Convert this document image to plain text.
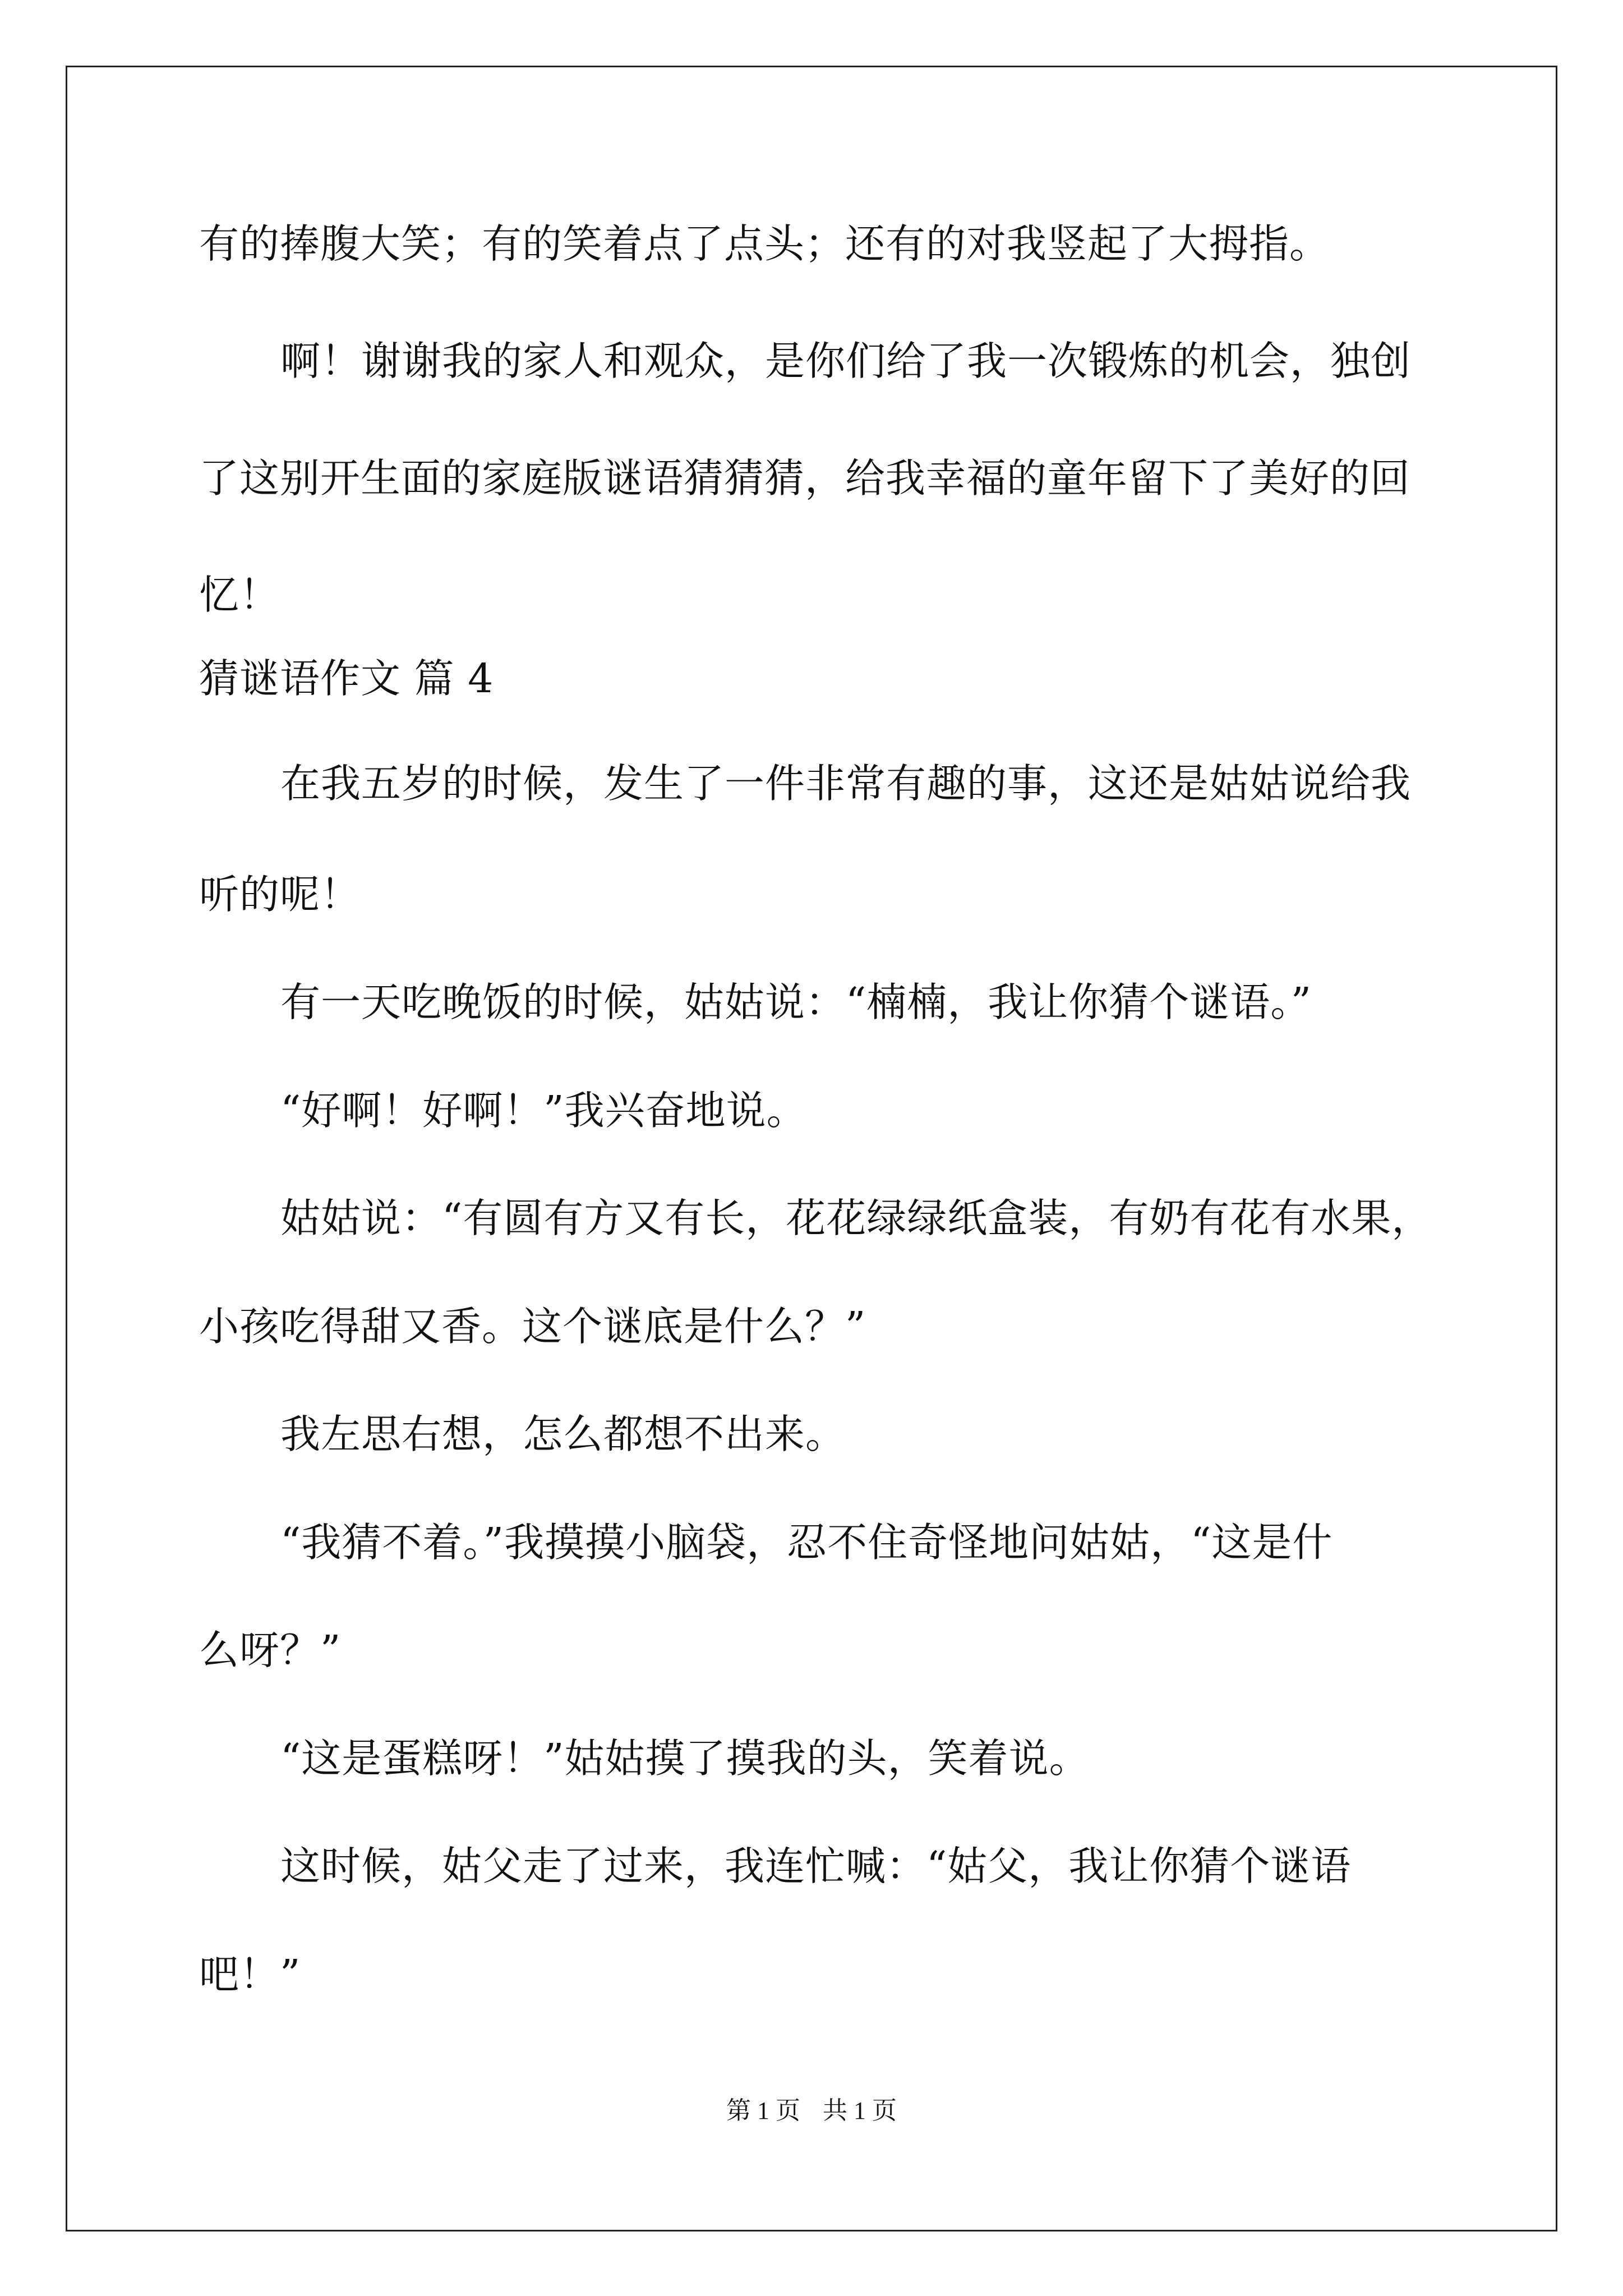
有的捧腹大笑；有的笑着点了点头；还有的对我竖起了大拇指。
啊！谢谢我的家人和观众，是你们给了我一次锻炼的机会，独创
了这别开生面的家庭版谜语猜猜猜，给我幸福的童年留下了美好的回
忆！
猜谜语作文 篇 4
在我五岁的时候，发生了一件非常有趣的事，这还是姑姑说给我
听的呢！
有一天吃晚饭的时候，姑姑说：“楠楠，我让你猜个谜语。”
“好啊！好啊！”我兴奋地说。
姑姑说：“有圆有方又有长，花花绿绿纸盒装，有奶有花有水果，
小孩吃得甜又香。这个谜底是什么？”
我左思右想，怎么都想不出来。
“我猜不着。”我摸摸小脑袋，忍不住奇怪地问姑姑，“这是什
么呀？”
“这是蛋糕呀！”姑姑摸了摸我的头，笑着说。
这时候，姑父走了过来，我连忙喊：“姑父，我让你猜个谜语
吧！”
第 1 页 共 1 页
